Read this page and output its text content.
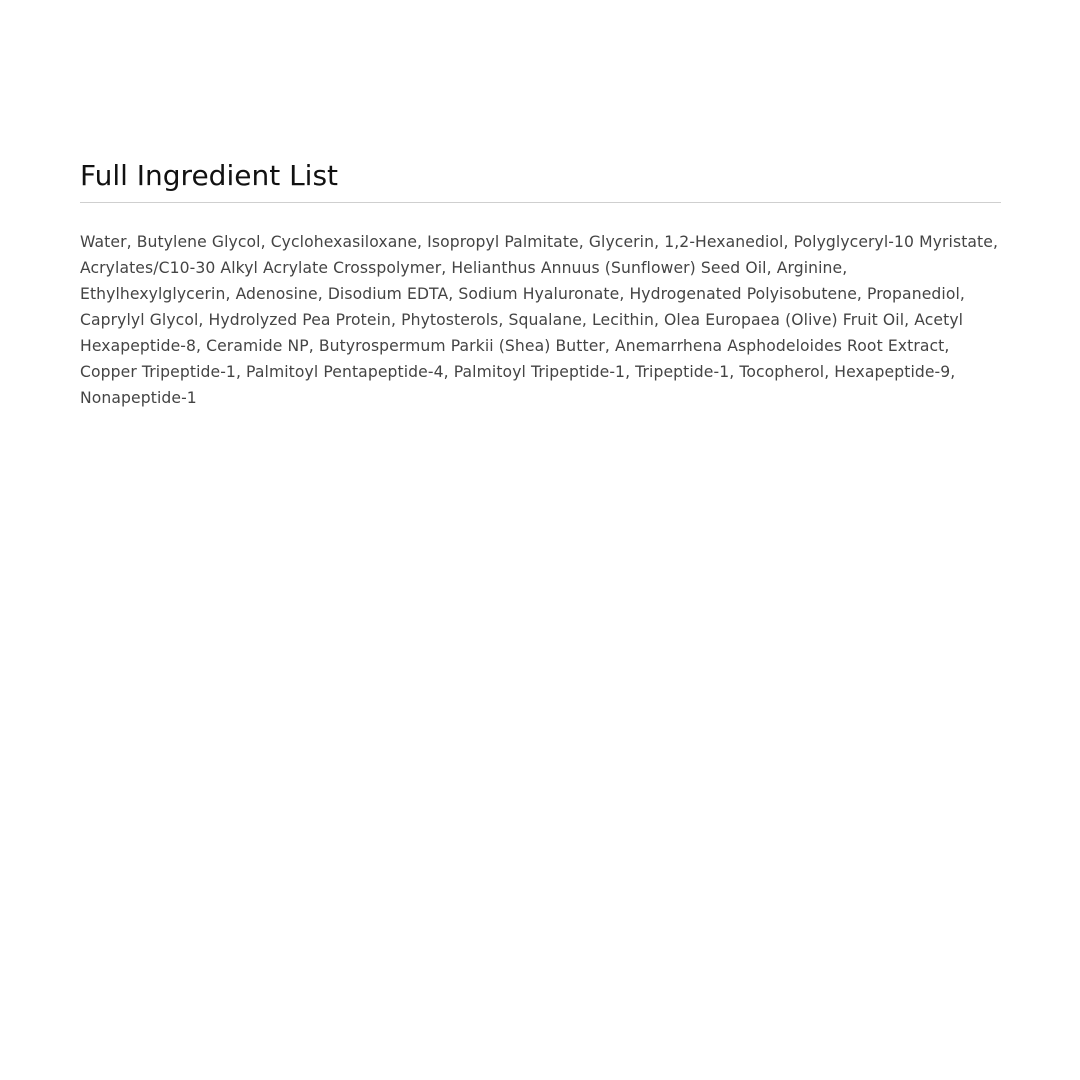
Full Ingredient List

Water, Butylene Glycol, Cyclohexasiloxane, Isopropyl Palmitate, Glycerin, 1,2-Hexanediol, Polyglyceryl-10 Myristate, Acrylates/C10-30 Alkyl Acrylate Crosspolymer, Helianthus Annuus (Sunflower) Seed Oil, Arginine, Ethylhexylglycerin, Adenosine, Disodium EDTA, Sodium Hyaluronate, Hydrogenated Polyisobutene, Propanediol, Caprylyl Glycol, Hydrolyzed Pea Protein, Phytosterols, Squalane, Lecithin, Olea Europaea (Olive) Fruit Oil, Acetyl Hexapeptide-8, Ceramide NP, Butyrospermum Parkii (Shea) Butter, Anemarrhena Asphodeloides Root Extract, Copper Tripeptide-1, Palmitoyl Pentapeptide-4, Palmitoyl Tripeptide-1, Tripeptide-1, Tocopherol, Hexapeptide-9, Nonapeptide-1
